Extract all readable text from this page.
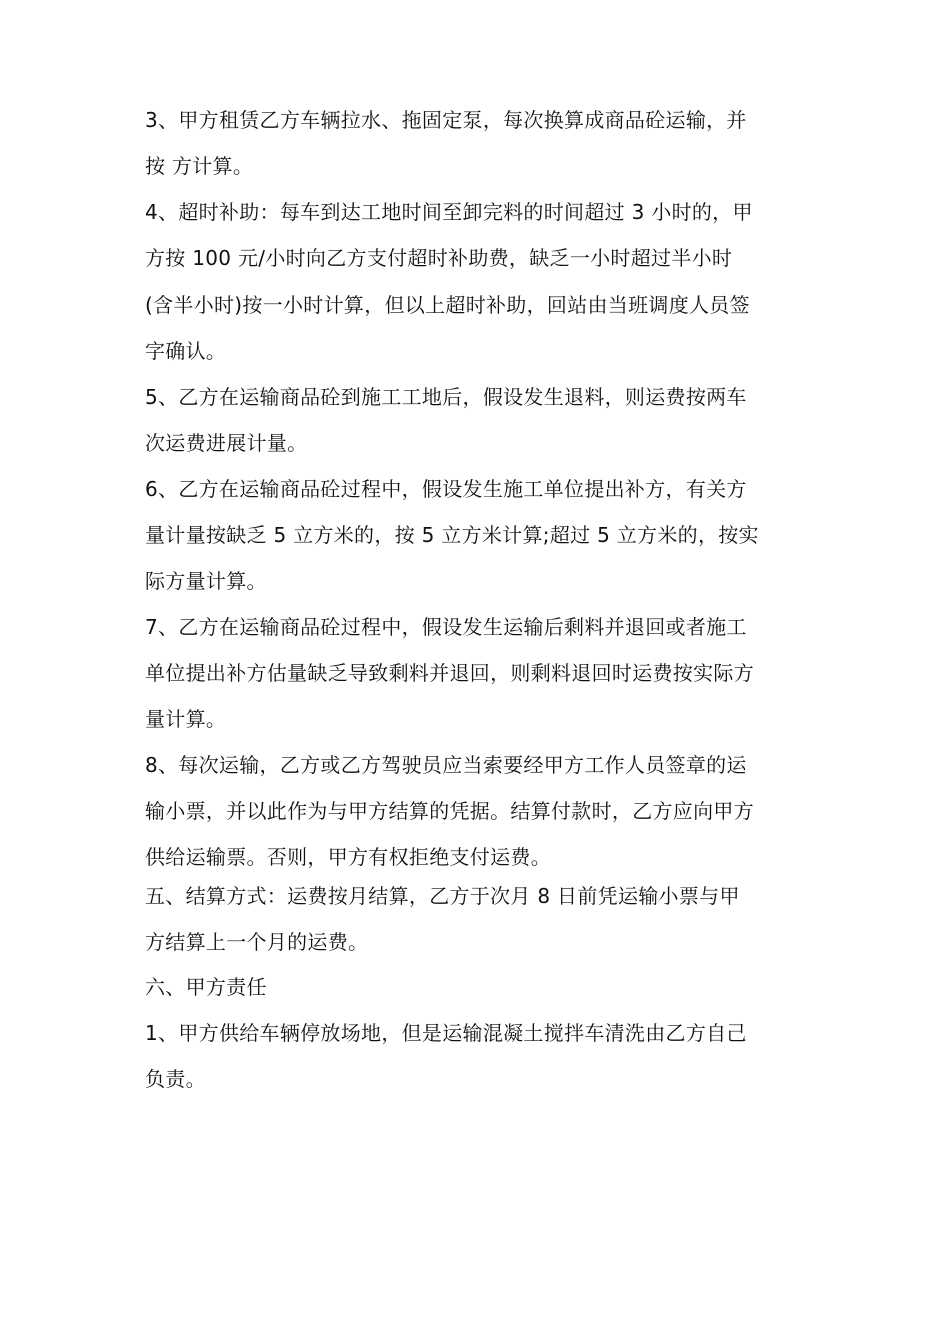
3、甲方租赁乙方车辆拉水、拖固定泵，每次换算成商品砼运输，并
按 方计算。
4、超时补助：每车到达工地时间至卸完料的时间超过 3 小时的，甲
方按 100 元/小时向乙方支付超时补助费，缺乏一小时超过半小时
(含半小时)按一小时计算，但以上超时补助，回站由当班调度人员签
字确认。
5、乙方在运输商品砼到施工工地后，假设发生退料，则运费按两车
次运费进展计量。
6、乙方在运输商品砼过程中，假设发生施工单位提出补方，有关方
量计量按缺乏 5 立方米的，按 5 立方米计算;超过 5 立方米的，按实
际方量计算。
7、乙方在运输商品砼过程中，假设发生运输后剩料并退回或者施工
单位提出补方估量缺乏导致剩料并退回，则剩料退回时运费按实际方
量计算。
8、每次运输，乙方或乙方驾驶员应当索要经甲方工作人员签章的运
输小票，并以此作为与甲方结算的凭据。结算付款时，乙方应向甲方
供给运输票。否则，甲方有权拒绝支付运费。
五、结算方式：运费按月结算，乙方于次月 8 日前凭运输小票与甲
方结算上一个月的运费。
六、甲方责任
1、甲方供给车辆停放场地，但是运输混凝土搅拌车清洗由乙方自己
负责。
